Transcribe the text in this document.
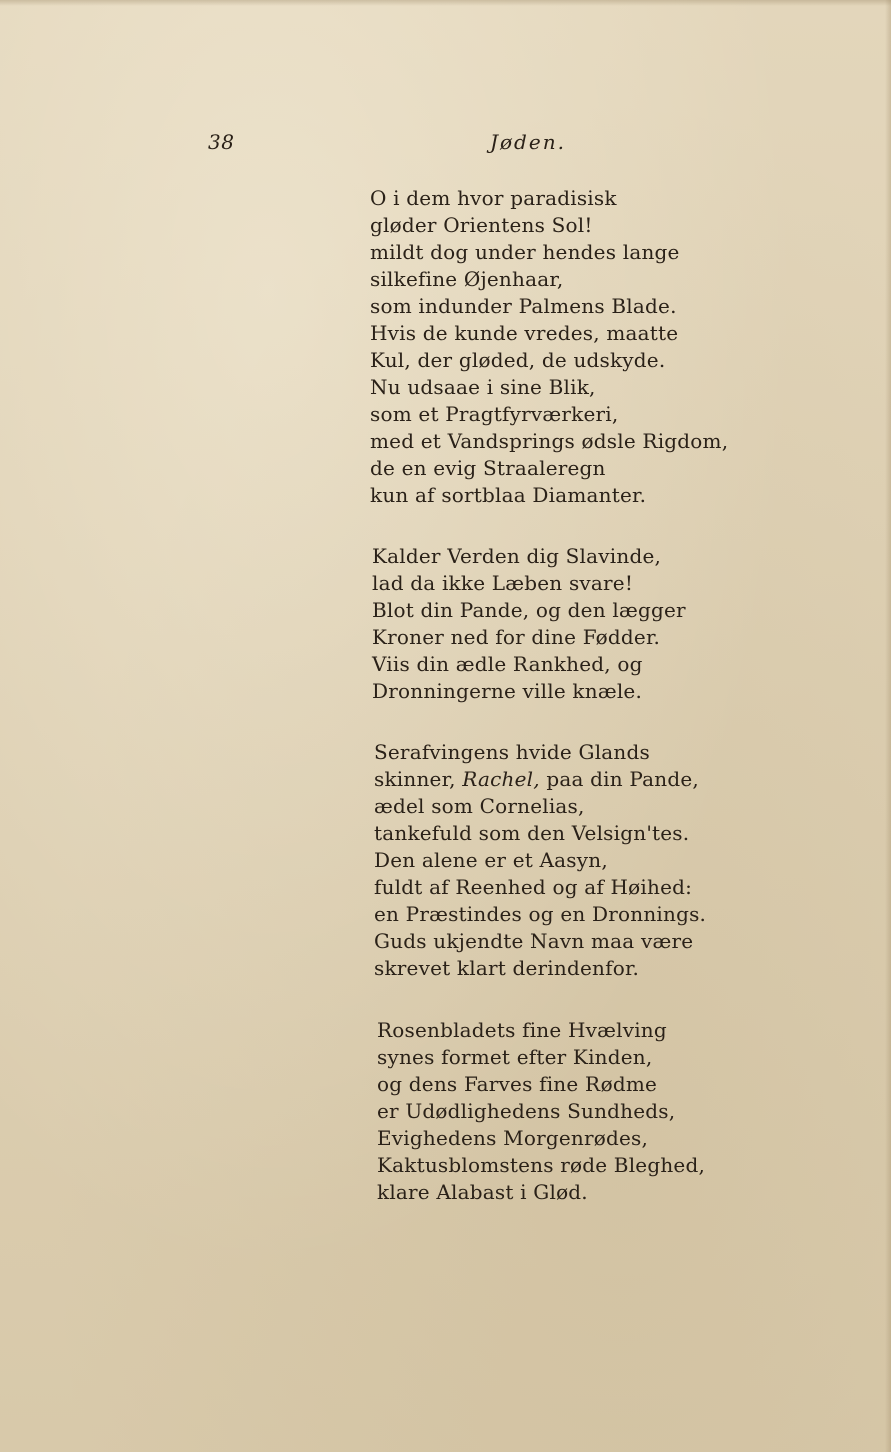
38	Jøden.
O i dem hvor paradisisk
gløder Orientens Sol!
mildt dog under hendes lange
silkefine Øjenhaar,
som indunder Palmens Blade.
Hvis de kunde vredes, maatte
Kul, der gløded, de udskyde.
Nu udsaae i sine Blik,
som et Pragtfyrværkeri,
med et Vandsprings ødsle Rigdom,
de en evig Straaleregn
kun af sortblaa Diamanter.
Kalder Verden dig Slavinde,
lad da ikke Læben svare!
Blot din Pande, og den lægger
Kroner ned for dine Fødder.
Viis din ædle Rankhed, og
Dronningerne ville knæle.
Serafvingens hvide Glands
skinner, Rachel, paa din Pande,
ædel som Cornelias,
tankefuld som den Velsign'tes.
Den alene er et Aasyn,
fuldt af Reenhed og af Høihed:
en Præstindes og en Dronnings.
Guds ukjendte Navn maa være
skrevet klart derindenfor.
Rosenbladets fine Hvælving
synes formet efter Kinden,
og dens Farves fine Rødme
er Udødlighedens Sundheds,
Evighedens Morgenrødes,
Kaktusblomstens røde Bleghed,
klare Alabast i Glød.
